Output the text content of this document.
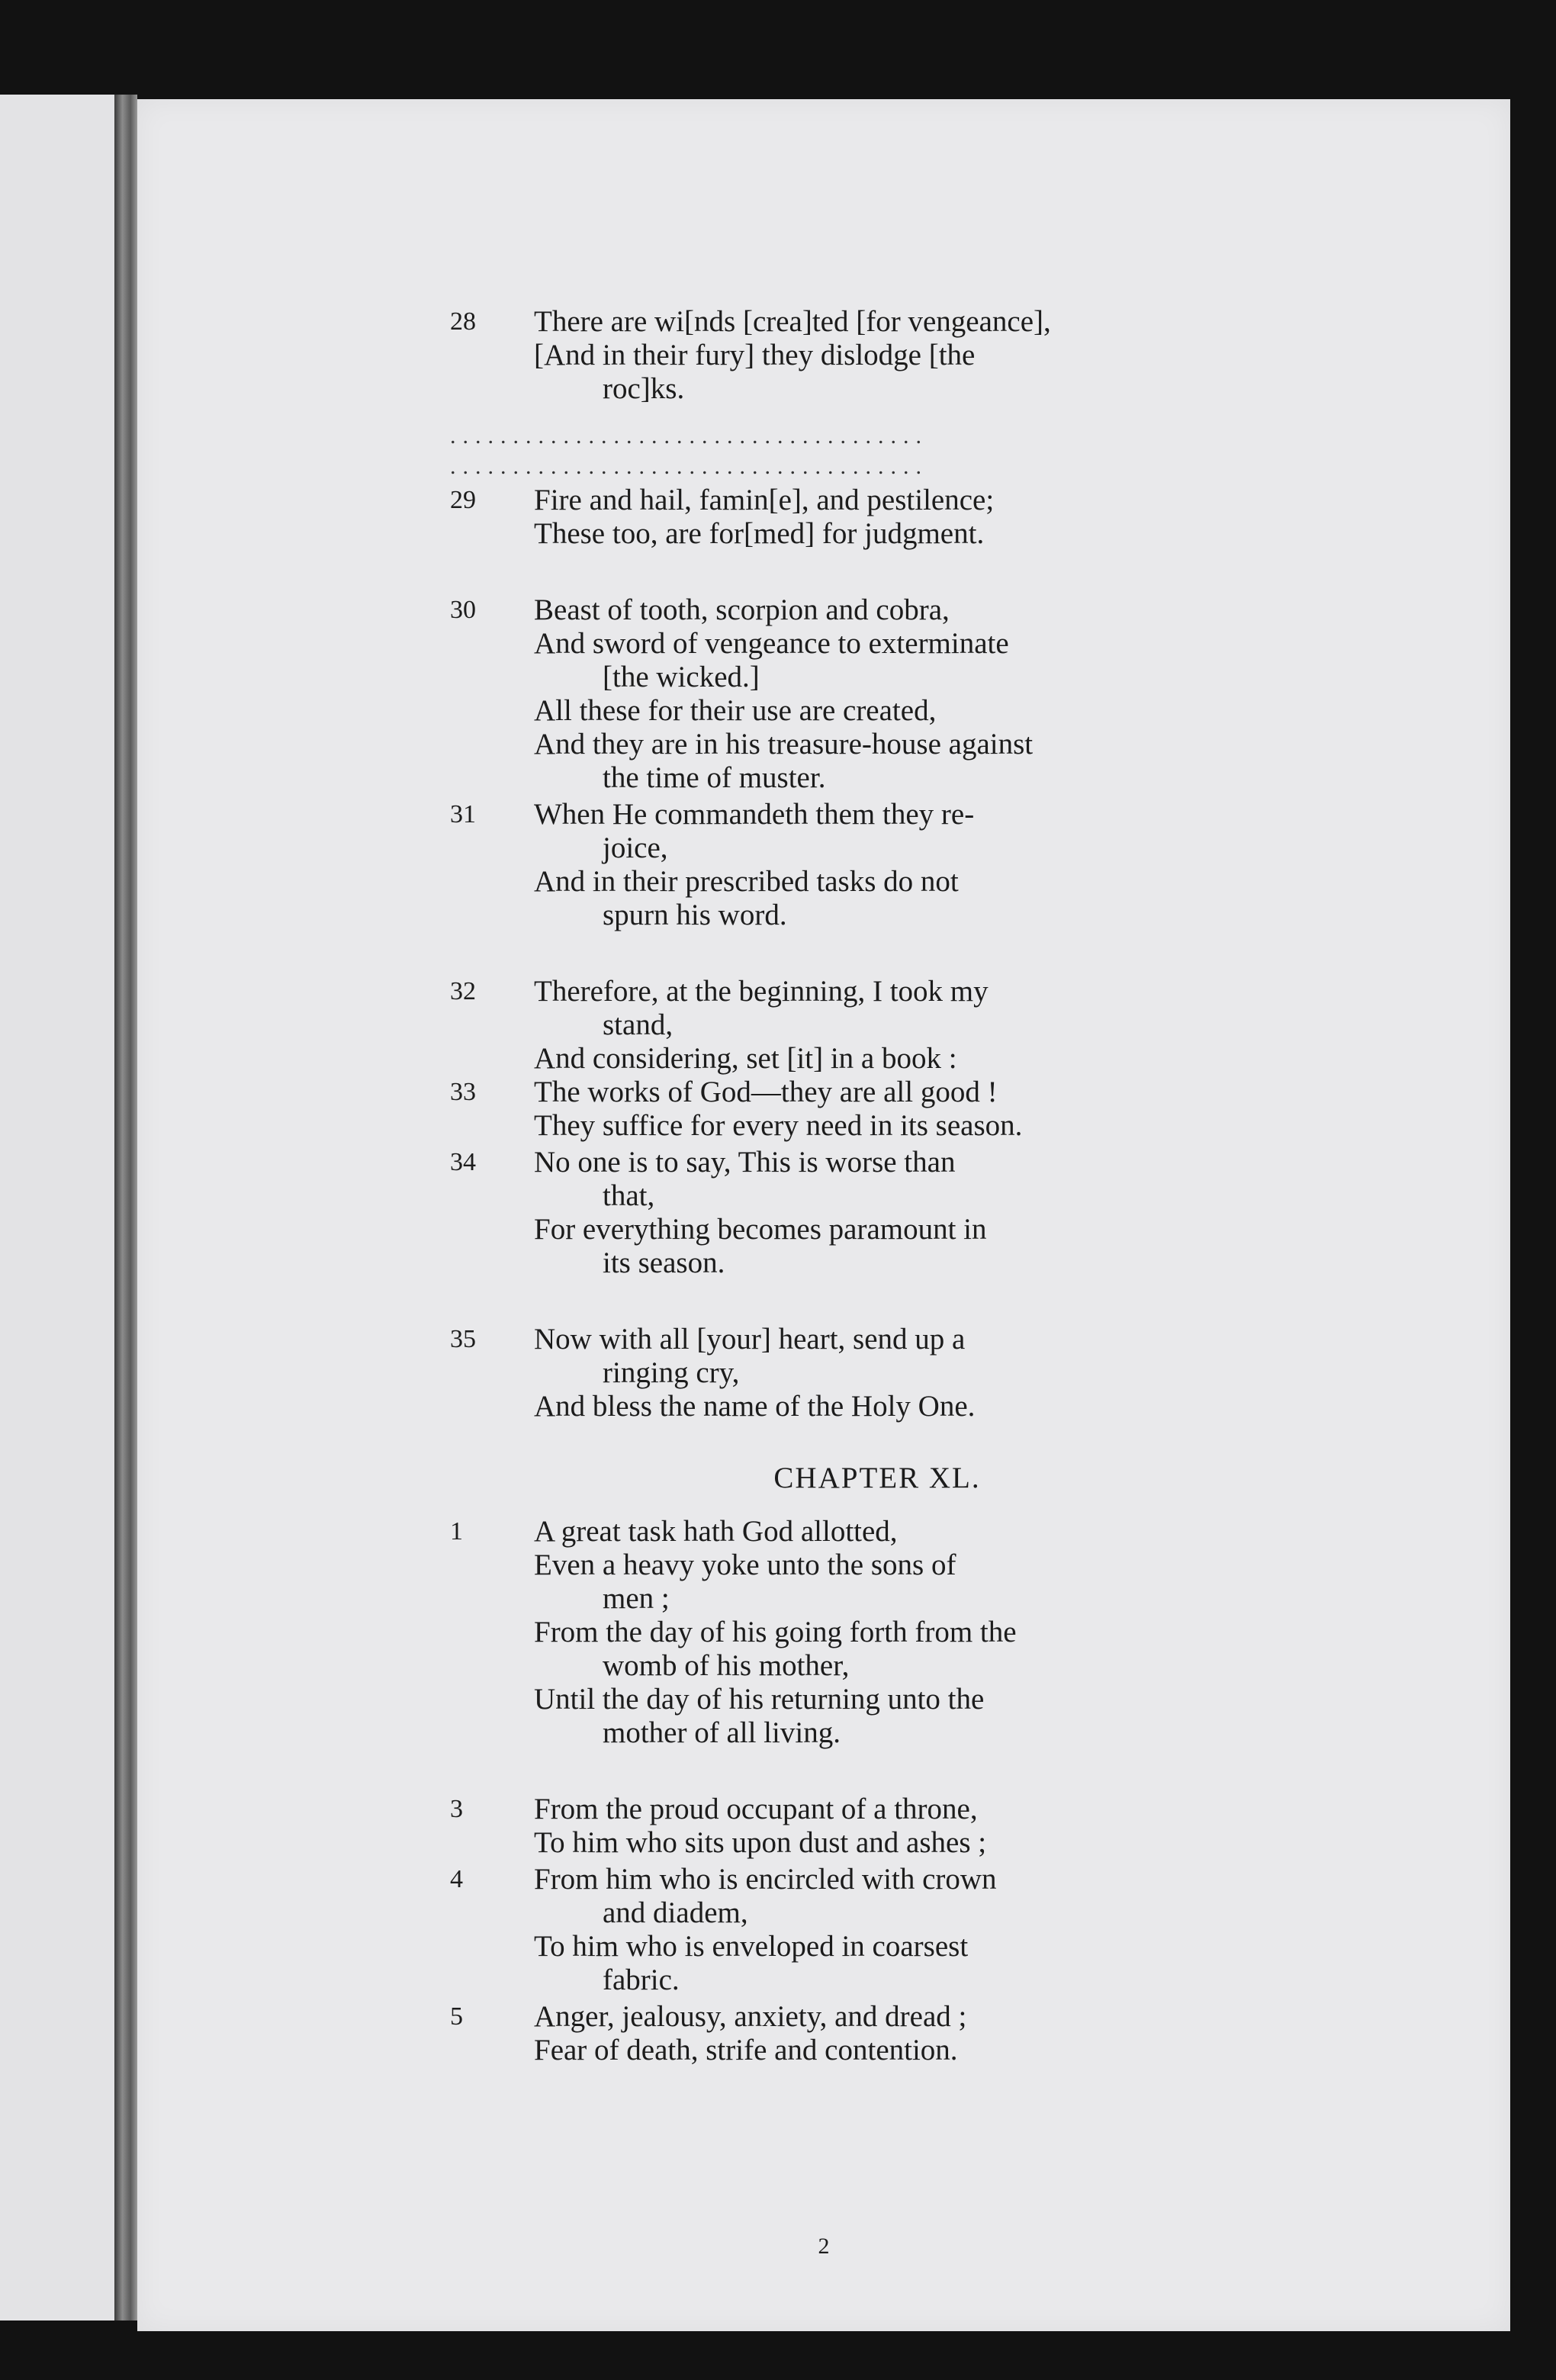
28	There are wi[nds [crea]ted [for vengeance],
[And in their fury] they dislodge [the
roc]ks.
......................................
......................................
29	Fire and hail, famin[e], and pestilence;
These too, are for[med] for judgment.
30	Beast of tooth, scorpion and cobra,
And sword of vengeance to exterminate
[the wicked.]
All these for their use are created,
And they are in his treasure-house against
the time of muster.
31	When He commandeth them they re-
joice,
And in their prescribed tasks do not
spurn his word.
32	Therefore, at the beginning, I took my
stand,
And considering, set [it] in a book :
33	The works of God—they are all good !
They suffice for every need in its season.
34	No one is to say, This is worse than
that,
For everything becomes paramount in
its season.
35	Now with all [your] heart, send up a
ringing cry,
And bless the name of the Holy One.
CHAPTER XL.
1	A great task hath God allotted,
Even a heavy yoke unto the sons of
men ;
From the day of his going forth from the
womb of his mother,
Until the day of his returning unto the
mother of all living.
3	From the proud occupant of a throne,
To him who sits upon dust and ashes ;
4	From him who is encircled with crown
and diadem,
To him who is enveloped in coarsest
fabric.
5	Anger, jealousy, anxiety, and dread ;
Fear of death, strife and contention.
2
